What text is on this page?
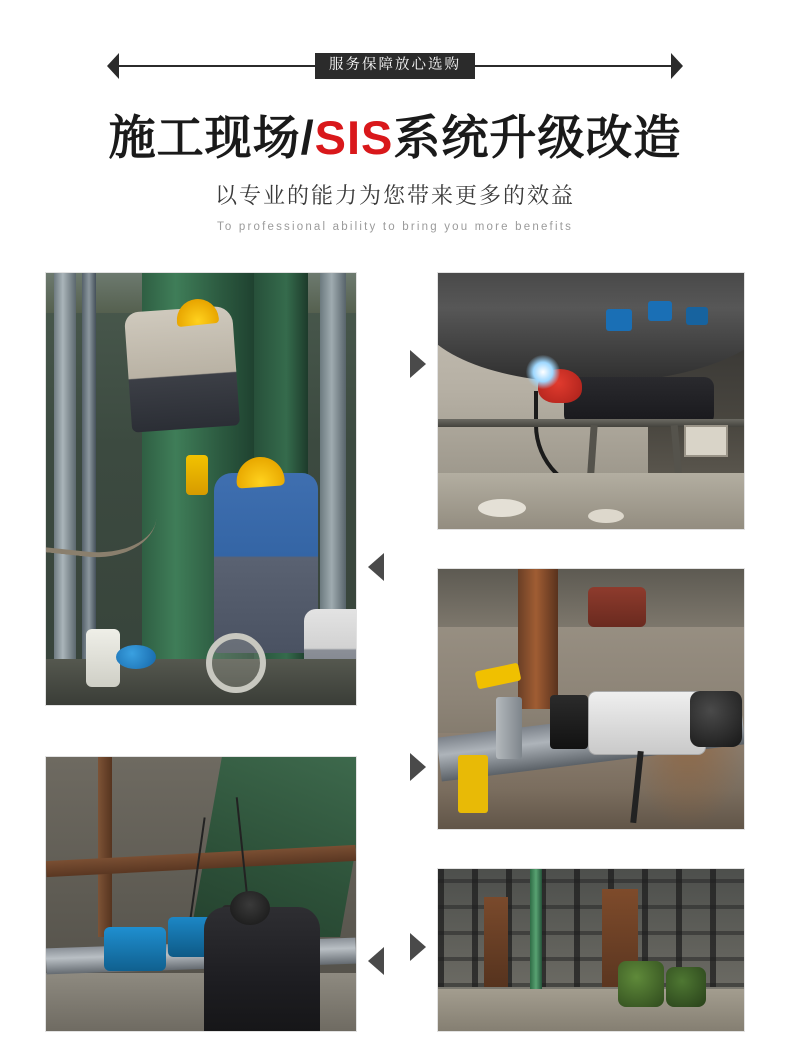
服务保障放心选购
施工现场/SIS系统升级改造
以专业的能力为您带来更多的效益
To professional ability to bring you more benefits
